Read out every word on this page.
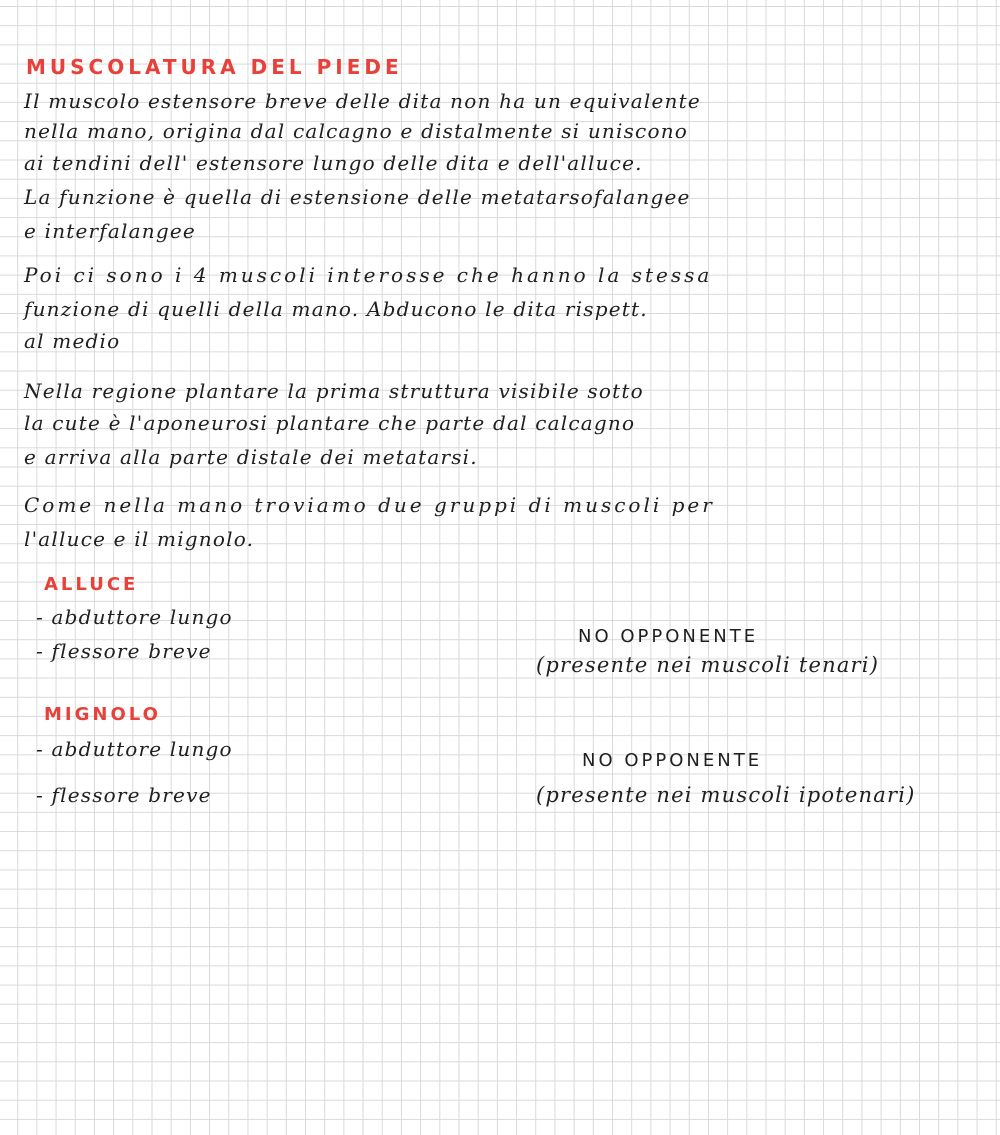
MUSCOLATURA DEL PIEDE

Il muscolo estensore breve delle dita non ha un equivalente

nella mano, origina dal calcagno e distalmente si uniscono

ai tendini dell' estensore lungo delle dita e dell'alluce.

La funzione è quella di estensione delle metatarsofalangee

e interfalangee

Poi ci sono i 4 muscoli interosse che hanno la stessa

funzione di quelli della mano. Abducono le dita rispett.

al medio

Nella regione plantare la prima struttura visibile sotto

la cute è l'aponeurosi plantare che parte dal calcagno

e arriva alla parte distale dei metatarsi.

Come nella mano troviamo due gruppi di muscoli per

l'alluce e il mignolo.

ALLUCE

- abduttore lungo

- flessore breve

NO OPPONENTE

(presente nei muscoli tenari)

MIGNOLO

- abduttore lungo

- flessore breve

NO OPPONENTE

(presente nei muscoli ipotenari)
